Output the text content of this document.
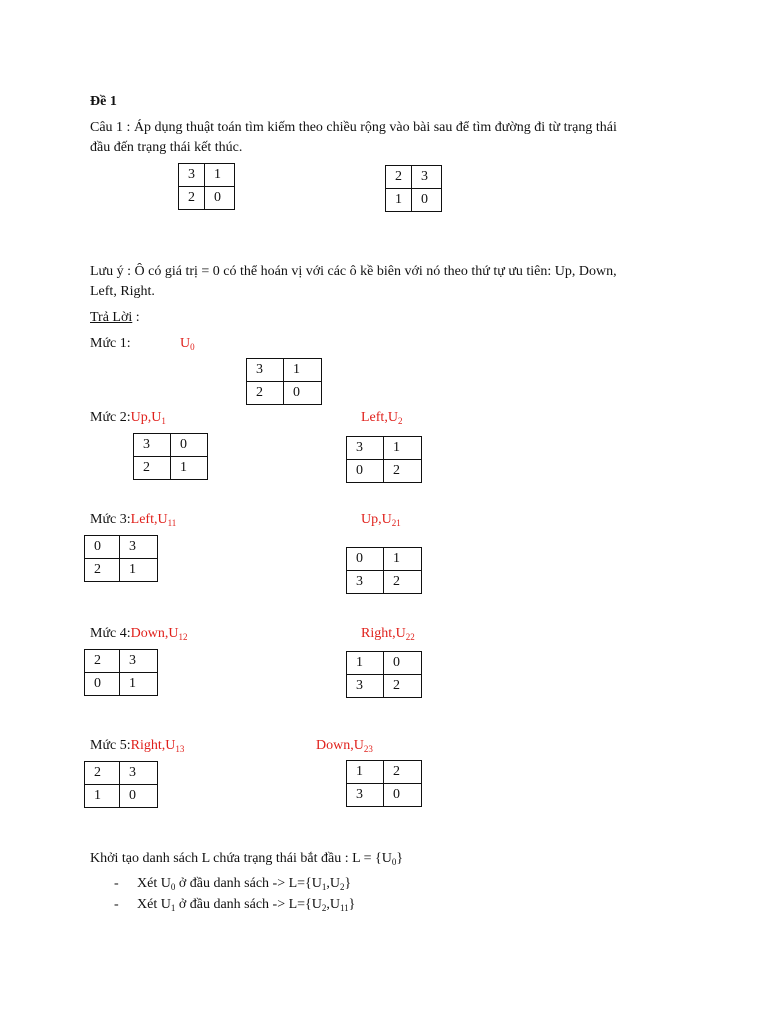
Đề 1
Câu 1 : Áp dụng thuật toán tìm kiếm theo chiều rộng vào bài sau để tìm đường đi từ trạng thái
đầu đến trạng thái kết thúc.
3	1
2	0
2	3
1	0
Lưu ý : Ô có giá trị = 0 có thể hoán vị với các ô kề biên với nó theo thứ tự ưu tiên: Up, Down,
Left, Right.
Trả Lời :
Mức 1:	$U_0$
3	1
2	0
Mức $2:Up,U_1$	$Left,U_2$
3	0
2	1
3	1
0	2
Mức $3:Left,U_{11}$	$Up,U_{21}$
0	3
2	1
0	1
3	2
Mức $4:Down,U_{12}$	$Right,U_{22}$
2	3
0	1
1	0
3	2
Mức $5:Right,U_{13}$	$Down,U_{23}$
2	3
1	0
1	2
3	0
Khởi tạo danh sách L chứa trạng thái bắt đầu : $L = \{U_0\}$
- Xét $U_0$ ở đầu danh sách -> $L=\{U_1,U_2\}$
- Xét $U_1$ ở đầu danh sách -> $L=\{U_2,U_{11}\}$
